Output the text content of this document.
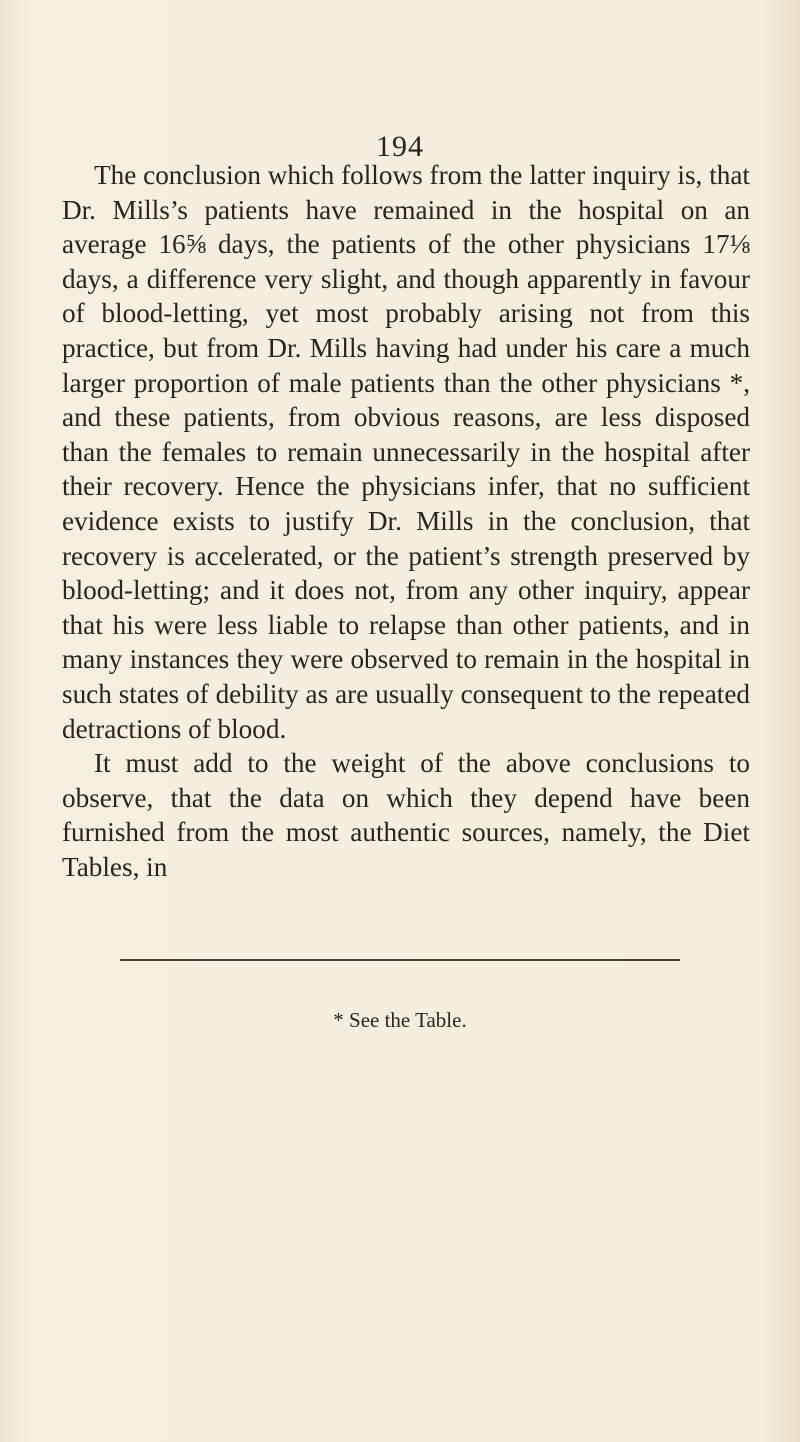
194

The conclusion which follows from the latter inquiry is, that Dr. Mills’s patients have remained in the hospital on an average 16⅝ days, the patients of the other physicians 17⅛ days, a difference very slight, and though apparently in favour of blood-letting, yet most probably arising not from this practice, but from Dr. Mills having had under his care a much larger proportion of male patients than the other physicians *, and these patients, from obvious reasons, are less disposed than the females to remain unnecessarily in the hospital after their recovery. Hence the physicians infer, that no sufficient evidence exists to justify Dr. Mills in the conclusion, that recovery is accelerated, or the patient’s strength preserved by blood-letting; and it does not, from any other inquiry, appear that his were less liable to relapse than other patients, and in many instances they were observed to remain in the hospital in such states of debility as are usually consequent to the repeated detractions of blood.

It must add to the weight of the above conclusions to observe, that the data on which they depend have been furnished from the most authentic sources, namely, the Diet Tables, in

* See the Table.
